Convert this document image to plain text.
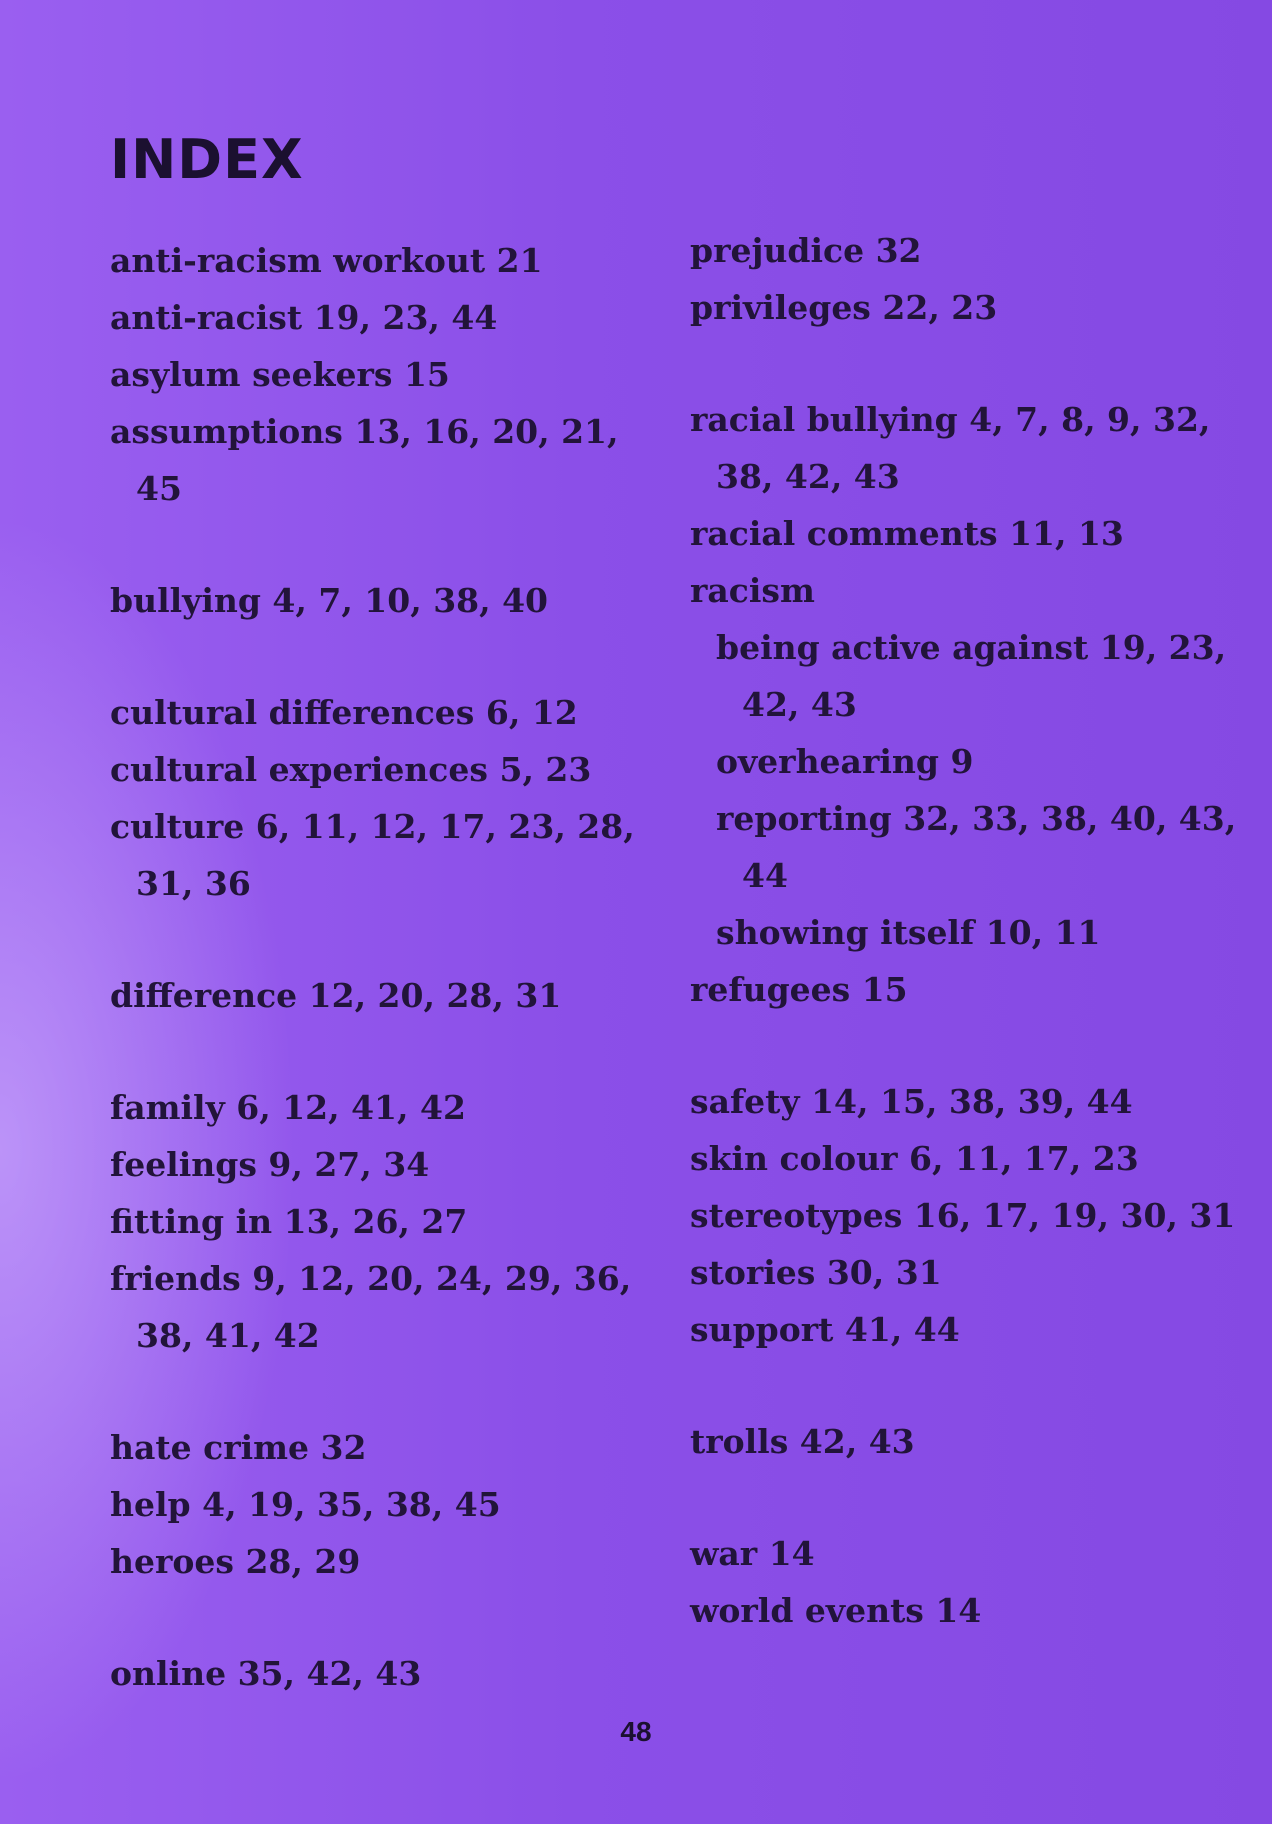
INDEX
anti-racism workout 21
anti-racist 19, 23, 44
asylum seekers 15
assumptions 13, 16, 20, 21, 45
bullying 4, 7, 10, 38, 40
cultural differences 6, 12
cultural experiences 5, 23
culture 6, 11, 12, 17, 23, 28, 31, 36
difference 12, 20, 28, 31
family 6, 12, 41, 42
feelings 9, 27, 34
fitting in 13, 26, 27
friends 9, 12, 20, 24, 29, 36, 38, 41, 42
hate crime 32
help 4, 19, 35, 38, 45
heroes 28, 29
online 35, 42, 43
prejudice 32
privileges 22, 23
racial bullying 4, 7, 8, 9, 32, 38, 42, 43
racial comments 11, 13
racism
being active against 19, 23, 42, 43
overhearing 9
reporting 32, 33, 38, 40, 43, 44
showing itself 10, 11
refugees 15
safety 14, 15, 38, 39, 44
skin colour 6, 11, 17, 23
stereotypes 16, 17, 19, 30, 31
stories 30, 31
support 41, 44
trolls 42, 43
war 14
world events 14
48
